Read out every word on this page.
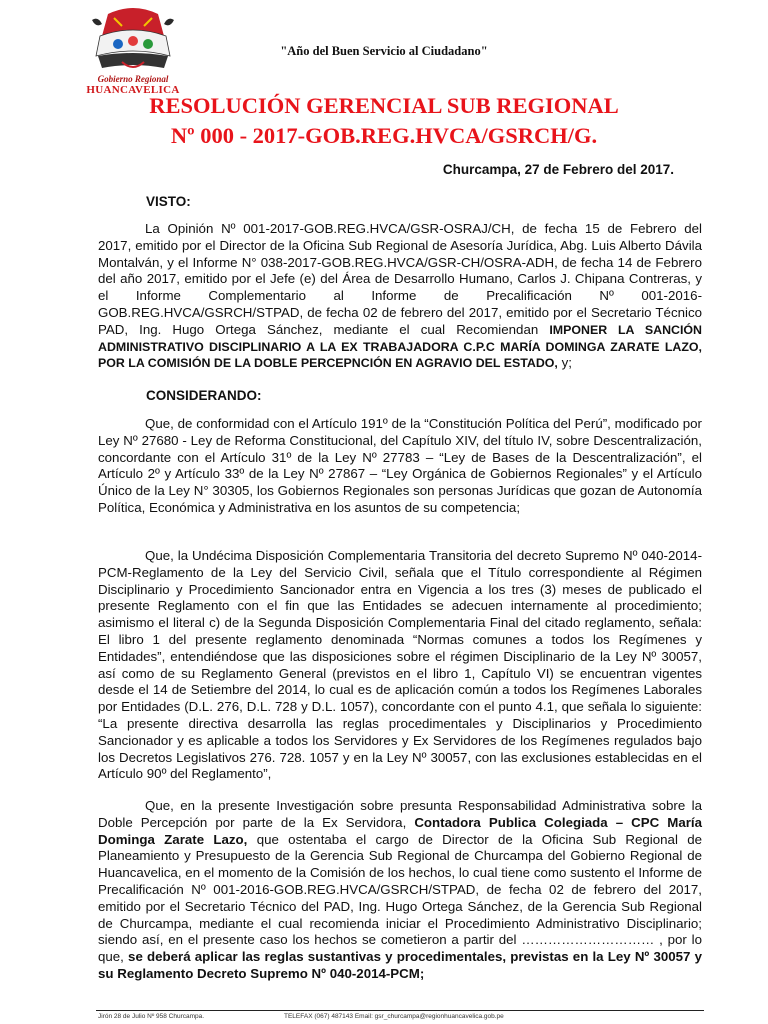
Gobierno Regional
HUANCAVELICA
"Año del Buen Servicio al Ciudadano"
RESOLUCIÓN GERENCIAL SUB REGIONAL
Nº 000 - 2017-GOB.REG.HVCA/GSRCH/G.
Churcampa, 27 de Febrero del 2017.
VISTO:

La Opinión Nº 001-2017-GOB.REG.HVCA/GSR-OSRAJ/CH, de fecha 15 de Febrero del 2017, emitido por el Director de la Oficina Sub Regional de Asesoría Jurídica, Abg. Luis Alberto Dávila Montalván, y el Informe N° 038-2017-GOB.REG.HVCA/GSR-CH/OSRA-ADH, de fecha 14 de Febrero del año 2017, emitido por el Jefe (e) del Área de Desarrollo Humano, Carlos J. Chipana Contreras, y el Informe Complementario al Informe de Precalificación Nº 001-2016-GOB.REG.HVCA/GSRCH/STPAD, de fecha 02 de febrero del 2017, emitido por el Secretario Técnico PAD, Ing. Hugo Ortega Sánchez, mediante el cual Recomiendan IMPONER LA SANCIÓN ADMINISTRATIVO DISCIPLINARIO A LA EX TRABAJADORA C.P.C MARÍA DOMINGA ZARATE LAZO, POR LA COMISIÓN DE LA DOBLE PERCEPNCIÓN EN AGRAVIO DEL ESTADO, y;

CONSIDERANDO:

Que, de conformidad con el Artículo 191º de la “Constitución Política del Perú”, modificado por Ley Nº 27680 - Ley de Reforma Constitucional, del Capítulo XIV, del título IV, sobre Descentralización, concordante con el Artículo 31º de la Ley Nº 27783 – “Ley de Bases de la Descentralización”, el Artículo 2º y Artículo 33º de la Ley Nº 27867 – “Ley Orgánica de Gobiernos Regionales” y el Artículo Único de la Ley N° 30305, los Gobiernos Regionales son personas Jurídicas que gozan de Autonomía Política, Económica y Administrativa en los asuntos de su competencia;

Que, la Undécima Disposición Complementaria Transitoria del decreto Supremo Nº 040-2014-PCM-Reglamento de la Ley del Servicio Civil, señala que el Título correspondiente al Régimen Disciplinario y Procedimiento Sancionador entra en Vigencia a los tres (3) meses de publicado el presente Reglamento con el fin que las Entidades se adecuen internamente al procedimiento; asimismo el literal c) de la Segunda Disposición Complementaria Final del citado reglamento, señala: El libro 1 del presente reglamento denominada “Normas comunes a todos los Regímenes y Entidades”, entendiéndose que las disposiciones sobre el régimen Disciplinario de la Ley Nº 30057, así como de su Reglamento General (previstos en el libro 1, Capítulo VI) se encuentran vigentes desde el 14 de Setiembre del 2014, lo cual es de aplicación común a todos los Regímenes Laborales por Entidades (D.L. 276, D.L. 728 y D.L. 1057), concordante con el punto 4.1, que señala lo siguiente: “La presente directiva desarrolla las reglas procedimentales y Disciplinarios y Procedimiento Sancionador y es aplicable a todos los Servidores y Ex Servidores de los Regímenes regulados bajo los Decretos Legislativos 276. 728. 1057 y en la Ley Nº 30057, con las exclusiones establecidas en el Artículo 90º del Reglamento”,

Que, en la presente Investigación sobre presunta Responsabilidad Administrativa sobre la Doble Percepción por parte de la Ex Servidora, Contadora Publica Colegiada – CPC María Dominga Zarate Lazo, que ostentaba el cargo de Director de la Oficina Sub Regional de Planeamiento y Presupuesto de la Gerencia Sub Regional de Churcampa del Gobierno Regional de Huancavelica, en el momento de la Comisión de los hechos, lo cual tiene como sustento el Informe de Precalificación Nº 001-2016-GOB.REG.HVCA/GSRCH/STPAD, de fecha 02 de febrero del 2017, emitido por el Secretario Técnico del PAD, Ing. Hugo Ortega Sánchez, de la Gerencia Sub Regional de Churcampa, mediante el cual recomienda iniciar el Procedimiento Administrativo Disciplinario; siendo así, en el presente caso los hechos se cometieron a partir del ………………………… , por lo que, se deberá aplicar las reglas sustantivas y procedimentales, previstas en la Ley Nº 30057 y su Reglamento Decreto Supremo Nº 040-2014-PCM;

Jirón 28 de Julio Nº 958 Churcampa.	TELEFAX (067) 487143 Email: gsr_churcampa@regionhuancavelica.gob.pe
